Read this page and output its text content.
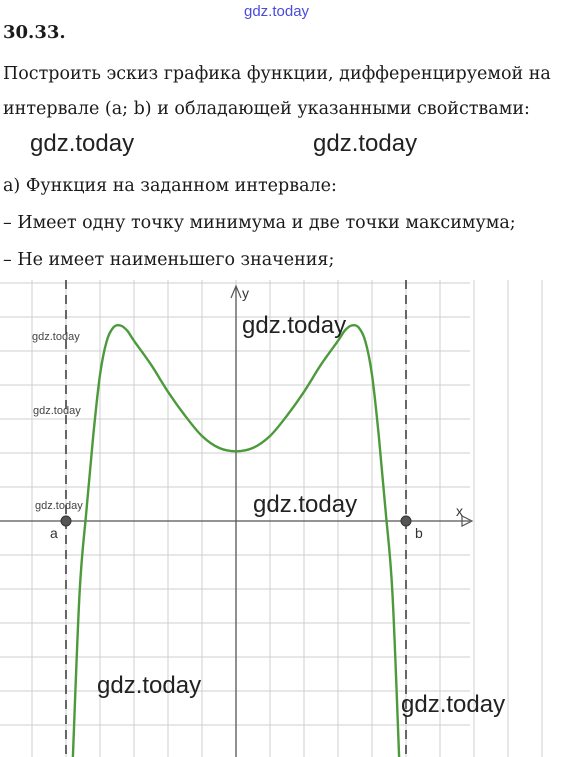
gdz.today
30.33.
Построить эскиз графика функции, дифференцируемой на
интервале (a; b) и обладающей указанными свойствами:
gdz.today	gdz.today
а) Функция на заданном интервале:
– Имеет одну точку минимума и две точки максимума;
– Не имеет наименьшего значения;
x
y
a	b
gdz.today
gdz.today
gdz.today
gdz.today
gdz.today
gdz.today
gdz.today
